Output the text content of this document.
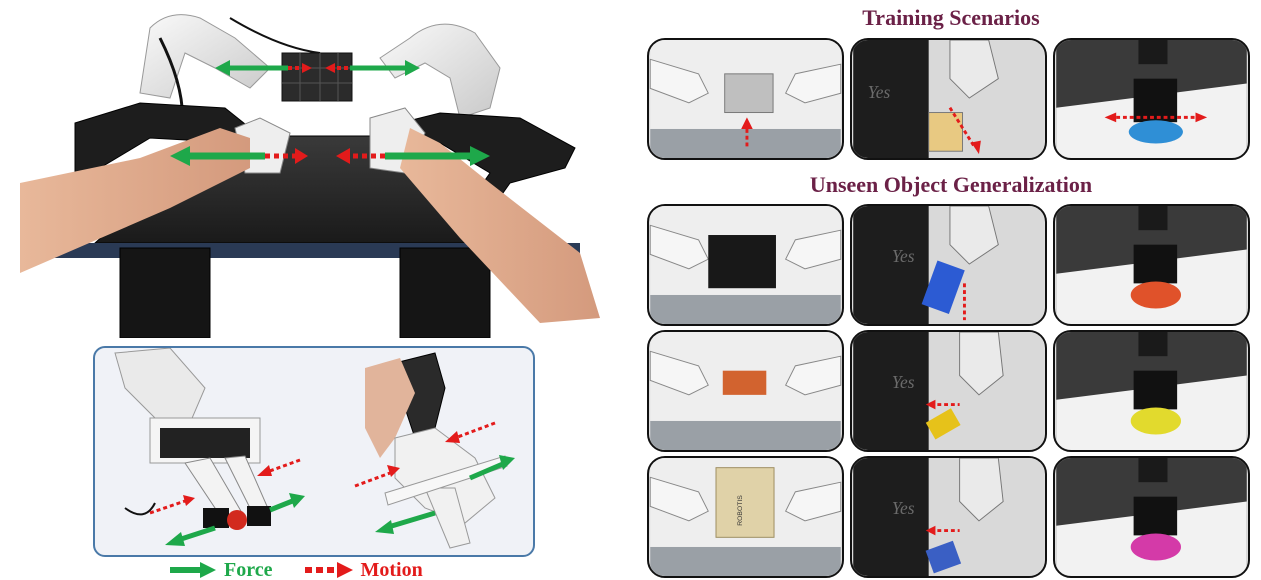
Force	Motion
Training Scenarios
Unseen Object Generalization
Yes
Yes
Yes
ROBOTIS	Yes
